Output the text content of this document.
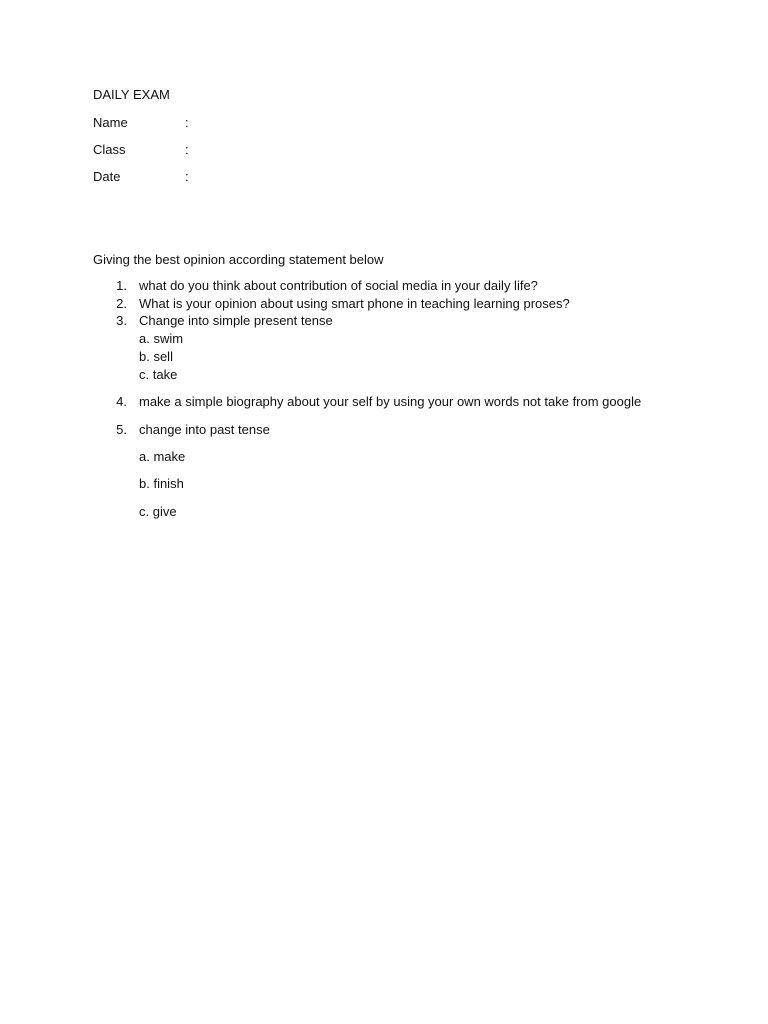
DAILY EXAM
Name	:
Class	:
Date	:
Giving the best opinion according statement below
1. what do you think about contribution of social media in your daily life?
2. What is your opinion about using smart phone in teaching learning proses?
3. Change into simple present tense
a. swim
b. sell
c. take
4. make a simple biography about your self by using your own words not take from google
5. change into past tense
a. make
b. finish
c. give
